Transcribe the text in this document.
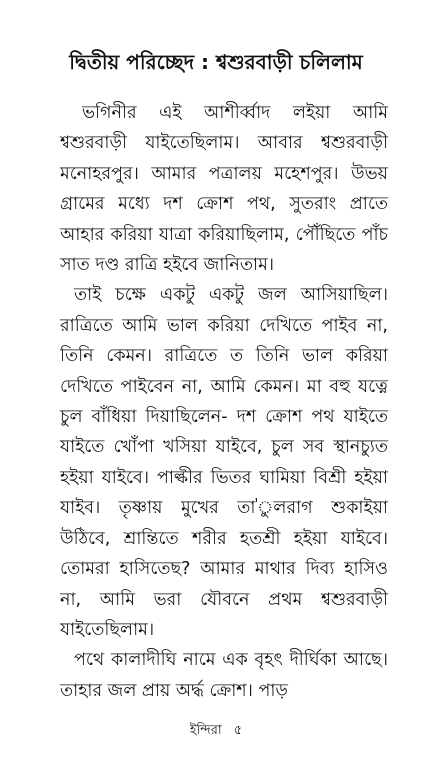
দ্বিতীয় পরিচ্ছেদ : শ্বশুরবাড়ী চলিলাম

ভগিনীর এই আশীর্ব্বাদ লইয়া আমি শ্বশুরবাড়ী যাইতেছিলাম। আবার শ্বশুরবাড়ী মনোহরপুর। আমার পত্রালয় মহেশপুর। উভয় গ্রামের মধ্যে দশ ক্রোশ পথ, সুতরাং প্রাতে আহার করিয়া যাত্রা করিয়াছিলাম, পৌঁছিতে পাঁচ সাত দণ্ড রাত্রি হইবে জানিতাম।

তাই চক্ষে একটু একটু জল আসিয়াছিল। রাত্রিতে আমি ভাল করিয়া দেখিতে পাইব না, তিনি কেমন। রাত্রিতে ত তিনি ভাল করিয়া দেখিতে পাইবেন না, আমি কেমন। মা বহু যত্নে চুল বাঁধিয়া দিয়াছিলেন- দশ ক্রোশ পথ যাইতে যাইতে খোঁপা খসিয়া যাইবে, চুল সব স্থানচ্যুত হইয়া যাইবে। পাল্কীর ভিতর ঘামিয়া বিশ্রী হইয়া যাইব। তৃষ্ণায় মুখের তা'ুলরাগ শুকাইয়া উঠিবে, শ্রান্তিতে শরীর হতশ্রী হইয়া যাইবে। তোমরা হাসিতেছ? আমার মাথার দিব্য হাসিও না, আমি ভরা যৌবনে প্রথম শ্বশুরবাড়ী যাইতেছিলাম।

পথে কালাদীঘি নামে এক বৃহৎ দীর্ঘিকা আছে। তাহার জল প্রায় অর্দ্ধ ক্রোশ। পাড়

ইন্দিরা ৫
